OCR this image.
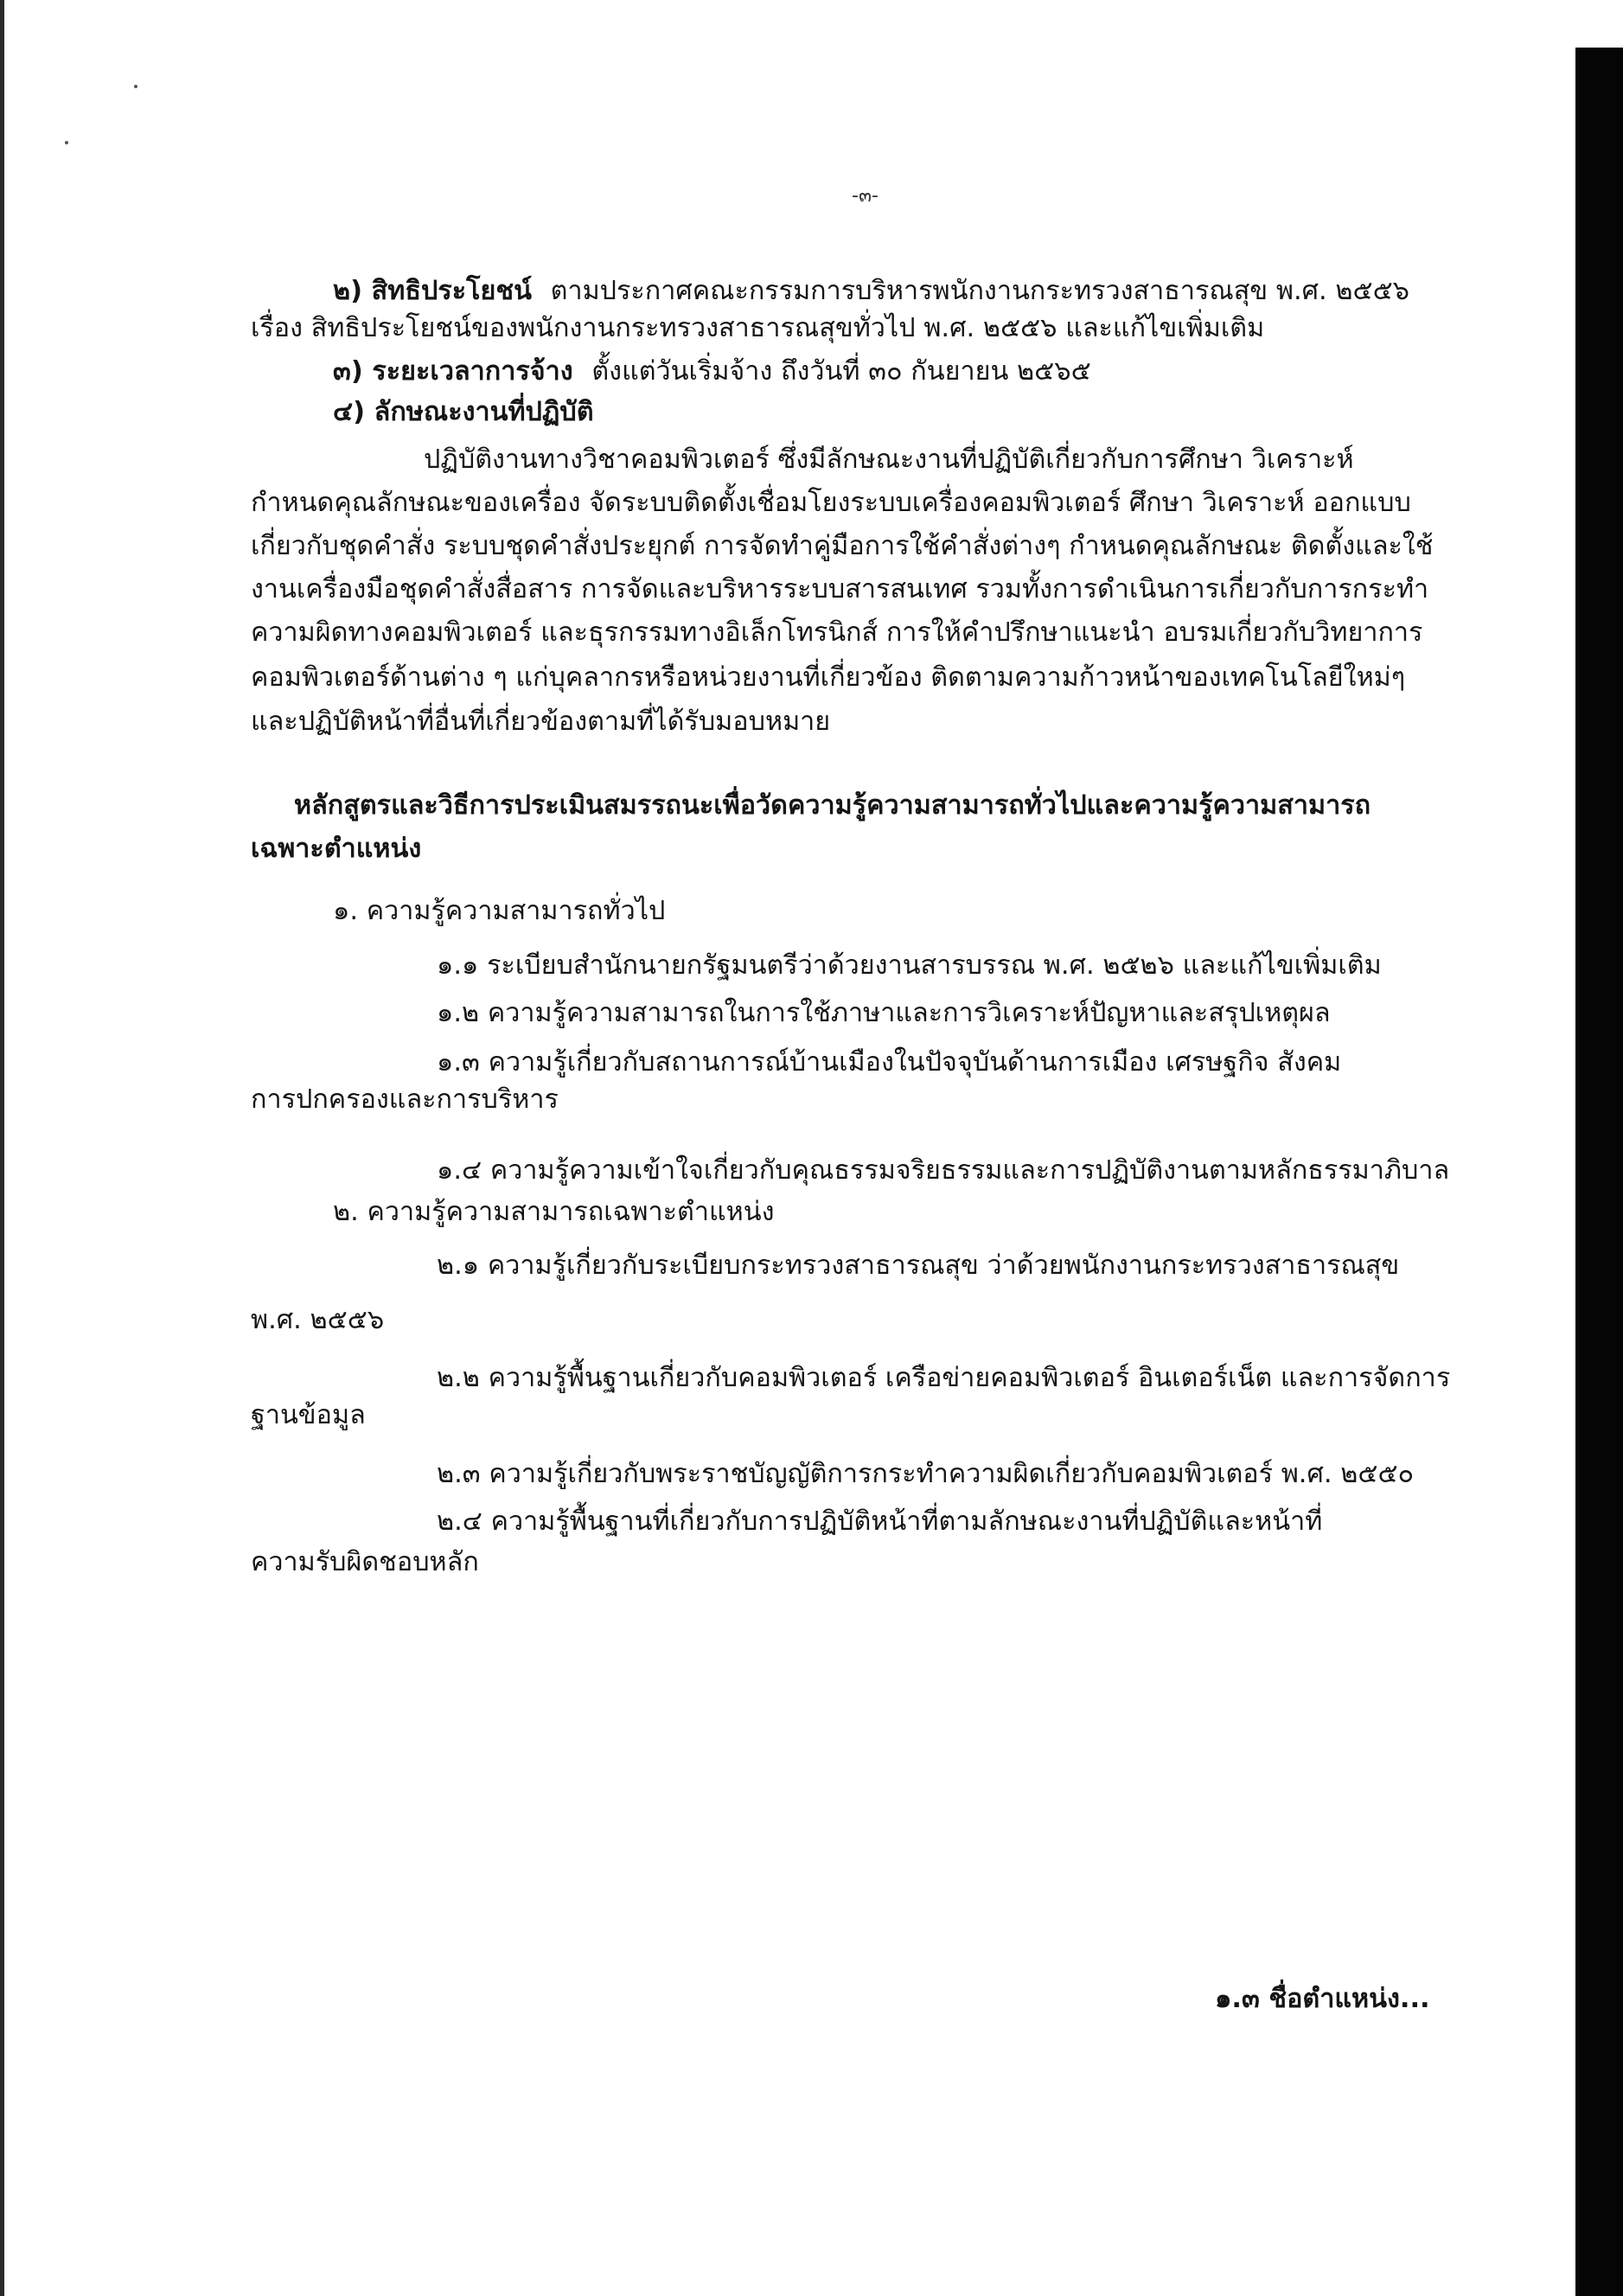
-๓-
๒) สิทธิประโยชน์ ตามประกาศคณะกรรมการบริหารพนักงานกระทรวงสาธารณสุข พ.ศ. ๒๕๕๖
เรื่อง สิทธิประโยชน์ของพนักงานกระทรวงสาธารณสุขทั่วไป พ.ศ. ๒๕๕๖ และแก้ไขเพิ่มเติม
๓) ระยะเวลาการจ้าง ตั้งแต่วันเริ่มจ้าง ถึงวันที่ ๓๐ กันยายน ๒๕๖๕
๔) ลักษณะงานที่ปฏิบัติ
ปฏิบัติงานทางวิชาคอมพิวเตอร์ ซึ่งมีลักษณะงานที่ปฏิบัติเกี่ยวกับการศึกษา วิเคราะห์
กำหนดคุณลักษณะของเครื่อง จัดระบบติดตั้งเชื่อมโยงระบบเครื่องคอมพิวเตอร์ ศึกษา วิเคราะห์ ออกแบบ
เกี่ยวกับชุดคำสั่ง ระบบชุดคำสั่งประยุกต์ การจัดทำคู่มือการใช้คำสั่งต่างๆ กำหนดคุณลักษณะ ติดตั้งและใช้
งานเครื่องมือชุดคำสั่งสื่อสาร การจัดและบริหารระบบสารสนเทศ รวมทั้งการดำเนินการเกี่ยวกับการกระทำ
ความผิดทางคอมพิวเตอร์ และธุรกรรมทางอิเล็กโทรนิกส์ การให้คำปรึกษาแนะนำ อบรมเกี่ยวกับวิทยาการ
คอมพิวเตอร์ด้านต่าง ๆ แก่บุคลากรหรือหน่วยงานที่เกี่ยวข้อง ติดตามความก้าวหน้าของเทคโนโลยีใหม่ๆ
และปฏิบัติหน้าที่อื่นที่เกี่ยวข้องตามที่ได้รับมอบหมาย
หลักสูตรและวิธีการประเมินสมรรถนะเพื่อวัดความรู้ความสามารถทั่วไปและความรู้ความสามารถ
เฉพาะตำแหน่ง
๑. ความรู้ความสามารถทั่วไป
๑.๑ ระเบียบสำนักนายกรัฐมนตรีว่าด้วยงานสารบรรณ พ.ศ. ๒๕๒๖ และแก้ไขเพิ่มเติม
๑.๒ ความรู้ความสามารถในการใช้ภาษาและการวิเคราะห์ปัญหาและสรุปเหตุผล
๑.๓ ความรู้เกี่ยวกับสถานการณ์บ้านเมืองในปัจจุบันด้านการเมือง เศรษฐกิจ สังคม
การปกครองและการบริหาร
๑.๔ ความรู้ความเข้าใจเกี่ยวกับคุณธรรมจริยธรรมและการปฏิบัติงานตามหลักธรรมาภิบาล
๒. ความรู้ความสามารถเฉพาะตำแหน่ง
๒.๑ ความรู้เกี่ยวกับระเบียบกระทรวงสาธารณสุข ว่าด้วยพนักงานกระทรวงสาธารณสุข
พ.ศ. ๒๕๕๖
๒.๒ ความรู้พื้นฐานเกี่ยวกับคอมพิวเตอร์ เครือข่ายคอมพิวเตอร์ อินเตอร์เน็ต และการจัดการ
ฐานข้อมูล
๒.๓ ความรู้เกี่ยวกับพระราชบัญญัติการกระทำความผิดเกี่ยวกับคอมพิวเตอร์ พ.ศ. ๒๕๕๐
๒.๔ ความรู้พื้นฐานที่เกี่ยวกับการปฏิบัติหน้าที่ตามลักษณะงานที่ปฏิบัติและหน้าที่
ความรับผิดชอบหลัก
๑.๓ ชื่อตำแหน่ง...
